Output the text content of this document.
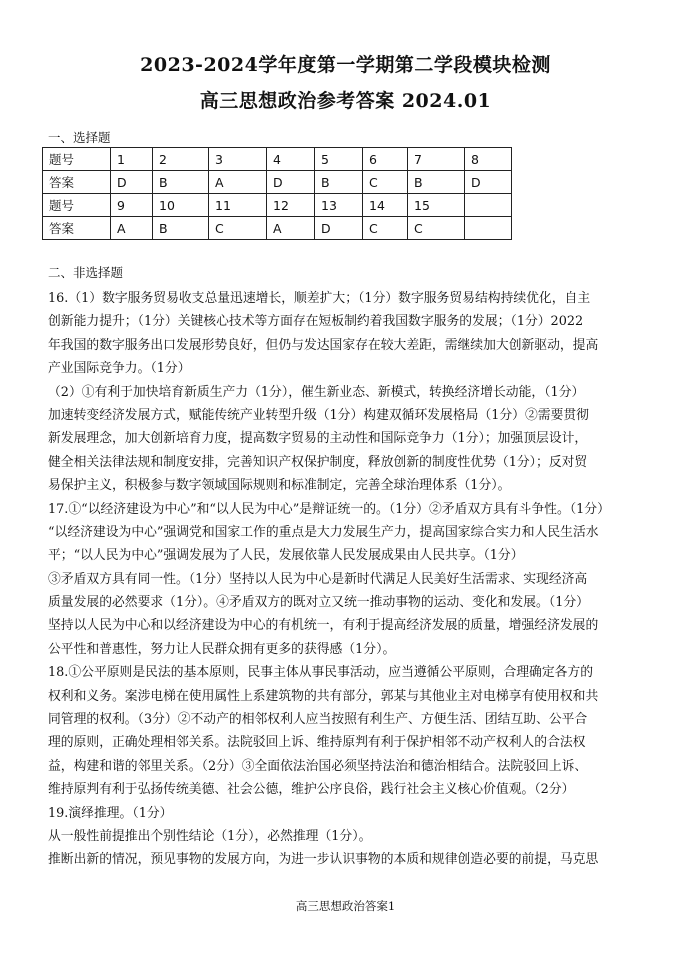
2023-2024学年度第一学期第二学段模块检测
高三思想政治参考答案 2024.01
一、选择题
题号	1	2	3	4	5	6	7	8
答案	D	B	A	D	B	C	B	D
题号	9	10	11	12	13	14	15	
答案	A	B	C	A	D	C	C	
二、非选择题
16.（1）数字服务贸易收支总量迅速增长，顺差扩大；（1分）数字服务贸易结构持续优化，自主
创新能力提升；（1分）关键核心技术等方面存在短板制约着我国数字服务的发展；（1分）2022
年我国的数字服务出口发展形势良好，但仍与发达国家存在较大差距，需继续加大创新驱动，提高
产业国际竞争力。（1分）
（2）①有利于加快培育新质生产力（1分），催生新业态、新模式，转换经济增长动能，（1分）
加速转变经济发展方式，赋能传统产业转型升级（1分）构建双循环发展格局（1分）②需要贯彻
新发展理念，加大创新培育力度，提高数字贸易的主动性和国际竞争力（1分）；加强顶层设计，
健全相关法律法规和制度安排，完善知识产权保护制度，释放创新的制度性优势（1分）；反对贸
易保护主义，积极参与数字领域国际规则和标准制定，完善全球治理体系（1分）。
17.①“以经济建设为中心”和“以人民为中心”是辩证统一的。（1分）②矛盾双方具有斗争性。（1分）
“以经济建设为中心”强调党和国家工作的重点是大力发展生产力，提高国家综合实力和人民生活水
平；“以人民为中心”强调发展为了人民，发展依靠人民发展成果由人民共享。（1分）
③矛盾双方具有同一性。（1分）坚持以人民为中心是新时代满足人民美好生活需求、实现经济高
质量发展的必然要求（1分）。④矛盾双方的既对立又统一推动事物的运动、变化和发展。（1分）
坚持以人民为中心和以经济建设为中心的有机统一，有利于提高经济发展的质量，增强经济发展的
公平性和普惠性，努力让人民群众拥有更多的获得感（1分）。
18.①公平原则是民法的基本原则，民事主体从事民事活动，应当遵循公平原则，合理确定各方的
权利和义务。案涉电梯在使用属性上系建筑物的共有部分，郭某与其他业主对电梯享有使用权和共
同管理的权利。（3分）②不动产的相邻权利人应当按照有利生产、方便生活、团结互助、公平合
理的原则，正确处理相邻关系。法院驳回上诉、维持原判有利于保护相邻不动产权利人的合法权
益，构建和谐的邻里关系。（2分）③全面依法治国必须坚持法治和德治相结合。法院驳回上诉、
维持原判有利于弘扬传统美德、社会公德，维护公序良俗，践行社会主义核心价值观。（2分）
19.演绎推理。（1分）
从一般性前提推出个别性结论（1分），必然推理（1分）。
推断出新的情况，预见事物的发展方向，为进一步认识事物的本质和规律创造必要的前提，马克思
高三思想政治答案1
